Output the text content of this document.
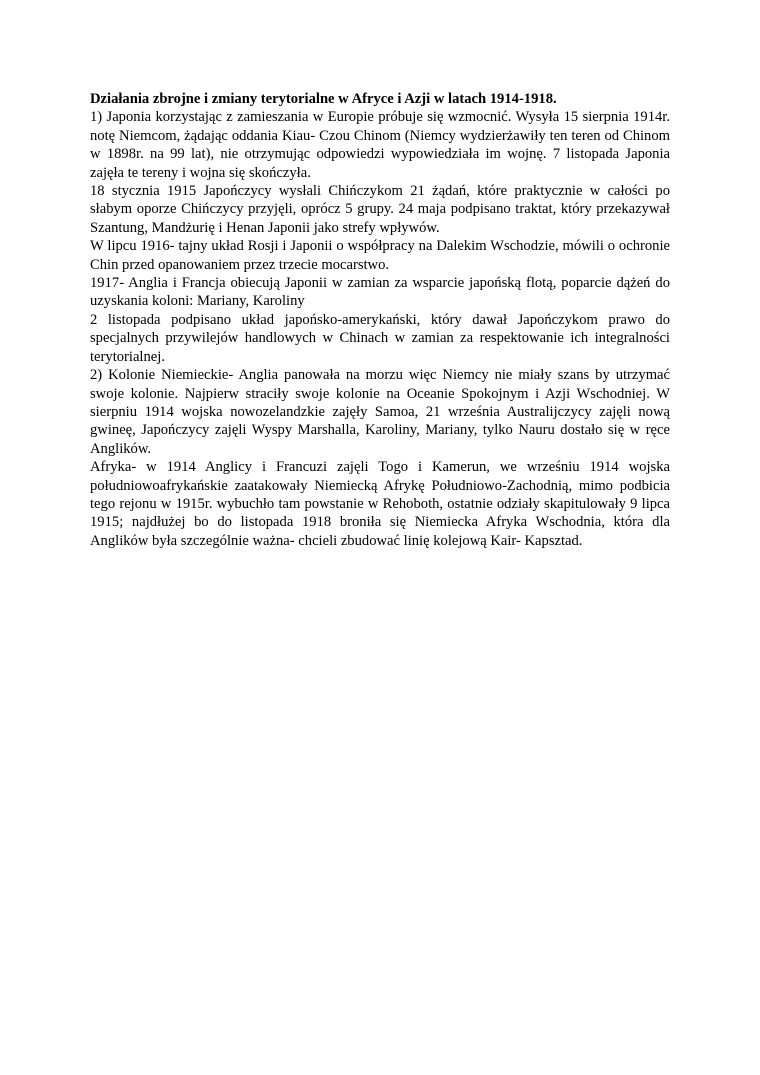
Działania zbrojne i zmiany terytorialne w Afryce i Azji w latach 1914-1918.

1) Japonia korzystając z zamieszania w Europie próbuje się wzmocnić. Wysyła 15 sierpnia 1914r. notę Niemcom, żądając oddania Kiau- Czou Chinom (Niemcy wydzierżawiły ten teren od Chinom w 1898r. na 99 lat), nie otrzymując odpowiedzi wypowiedziała im wojnę. 7 listopada Japonia zajęła te tereny i wojna się skończyła.

18 stycznia 1915 Japończycy wysłali Chińczykom 21 żądań, które praktycznie w całości po słabym oporze Chińczycy przyjęli, oprócz 5 grupy. 24 maja podpisano traktat, który przekazywał Szantung, Mandżurię i Henan Japonii jako strefy wpływów.

W lipcu 1916- tajny układ Rosji i Japonii o współpracy na Dalekim Wschodzie, mówili o ochronie Chin przed opanowaniem przez trzecie mocarstwo.

1917- Anglia i Francja obiecują Japonii w zamian za wsparcie japońską flotą, poparcie dążeń do uzyskania koloni: Mariany, Karoliny

2 listopada podpisano układ japońsko-amerykański, który dawał Japończykom prawo do specjalnych przywilejów handlowych w Chinach w zamian za respektowanie ich integralności terytorialnej.

2) Kolonie Niemieckie- Anglia panowała na morzu więc Niemcy nie miały szans by utrzymać swoje kolonie. Najpierw straciły swoje kolonie na Oceanie Spokojnym i Azji Wschodniej. W sierpniu 1914 wojska nowozelandzkie zajęły Samoa, 21 września Australijczycy zajęli nową gwineę, Japończycy zajęli Wyspy Marshalla, Karoliny, Mariany, tylko Nauru dostało się w ręce Anglików.

Afryka- w 1914 Anglicy i Francuzi zajęli Togo i Kamerun, we wrześniu 1914 wojska południowoafrykańskie zaatakowały Niemiecką Afrykę Południowo-Zachodnią, mimo podbicia tego rejonu w 1915r. wybuchło tam powstanie w Rehoboth, ostatnie odziały skapitulowały 9 lipca 1915; najdłużej bo do listopada 1918 broniła się Niemiecka Afryka Wschodnia, która dla Anglików była szczególnie ważna- chcieli zbudować linię kolejową Kair- Kapsztad.
